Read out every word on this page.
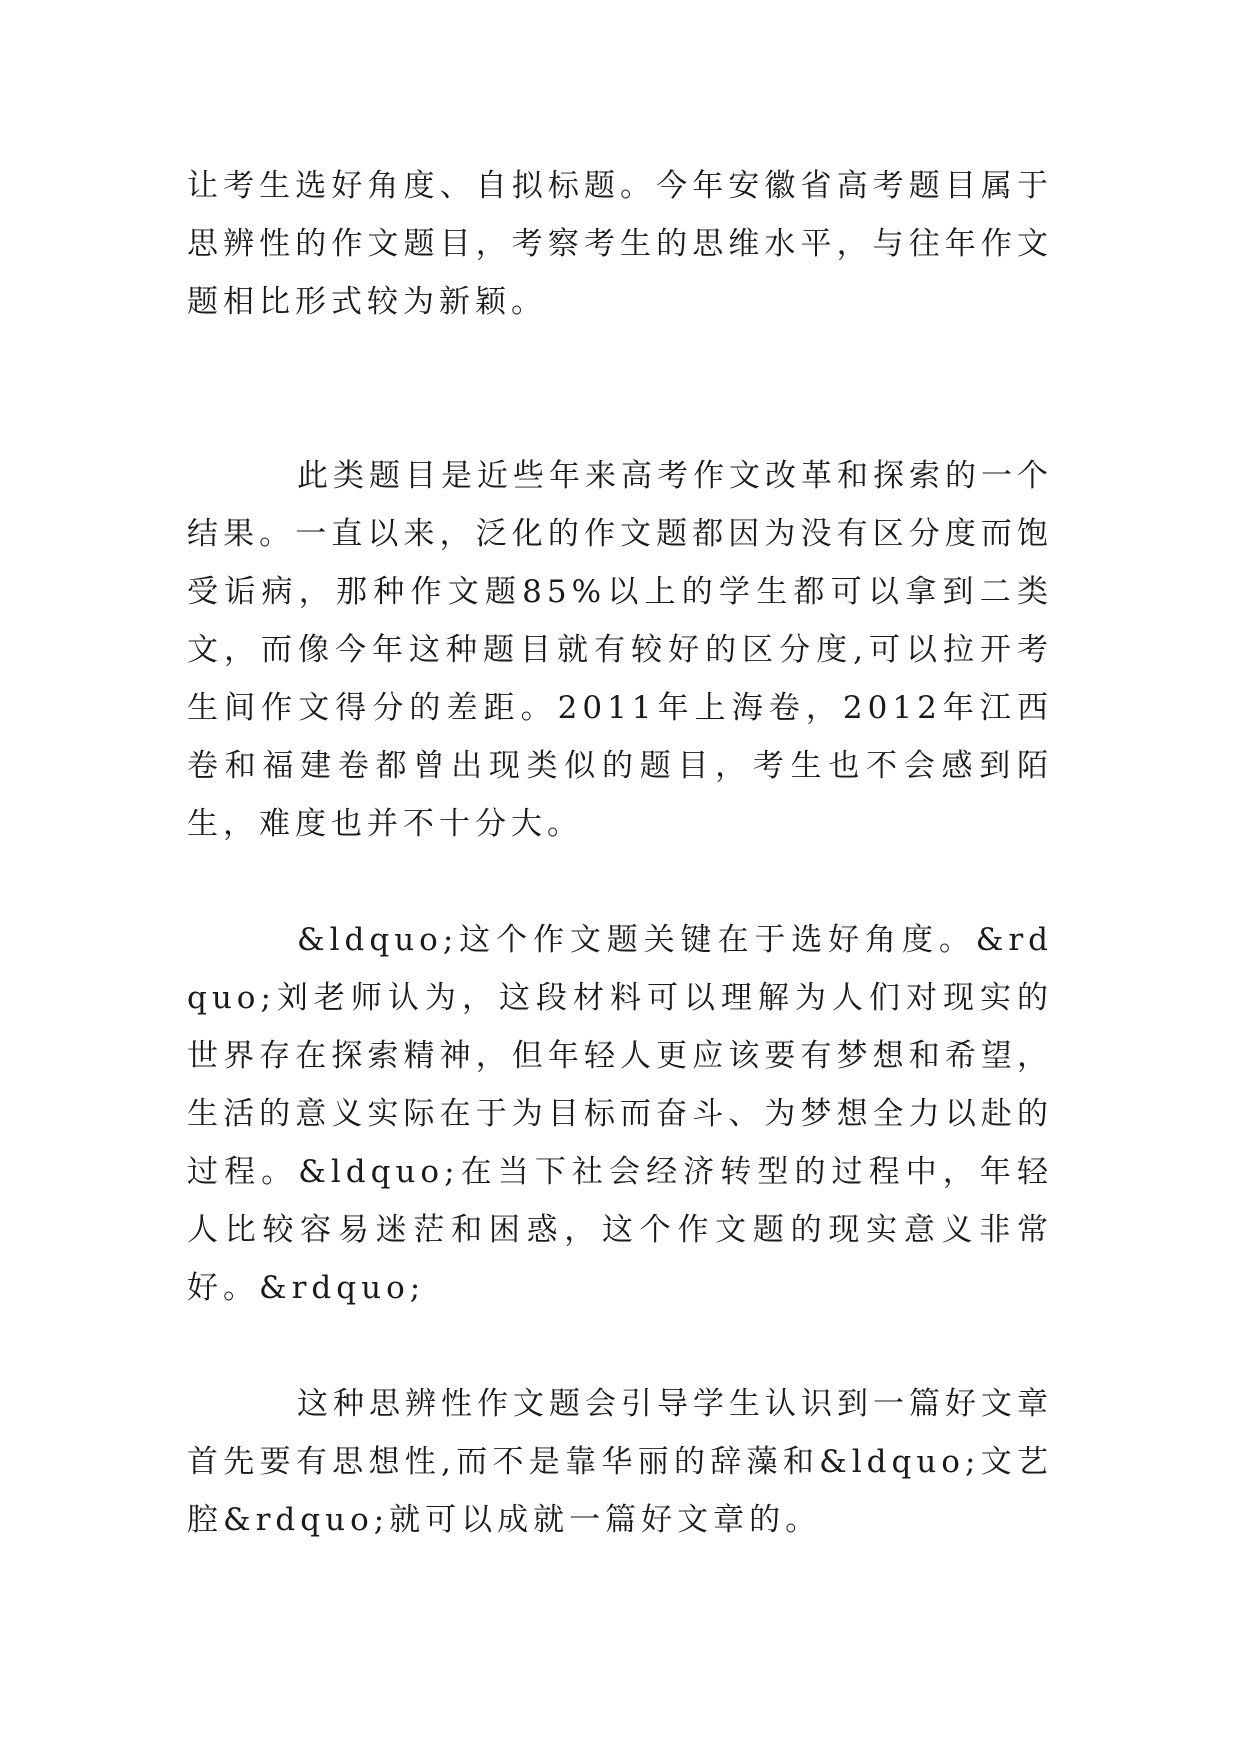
让考生选好角度、自拟标题。今年安徽省高考题目属于思辨性的作文题目，考察考生的思维水平，与往年作文题相比形式较为新颖。

此类题目是近些年来高考作文改革和探索的一个结果。一直以来，泛化的作文题都因为没有区分度而饱受诟病，那种作文题85%以上的学生都可以拿到二类文，而像今年这种题目就有较好的区分度,可以拉开考生间作文得分的差距。2011年上海卷，2012年江西卷和福建卷都曾出现类似的题目，考生也不会感到陌生，难度也并不十分大。

&ldquo;这个作文题关键在于选好角度。&rdquo;刘老师认为，这段材料可以理解为人们对现实的世界存在探索精神，但年轻人更应该要有梦想和希望，生活的意义实际在于为目标而奋斗、为梦想全力以赴的过程。&ldquo;在当下社会经济转型的过程中，年轻人比较容易迷茫和困惑，这个作文题的现实意义非常好。&rdquo;

这种思辨性作文题会引导学生认识到一篇好文章首先要有思想性,而不是靠华丽的辞藻和&ldquo;文艺腔&rdquo;就可以成就一篇好文章的。
